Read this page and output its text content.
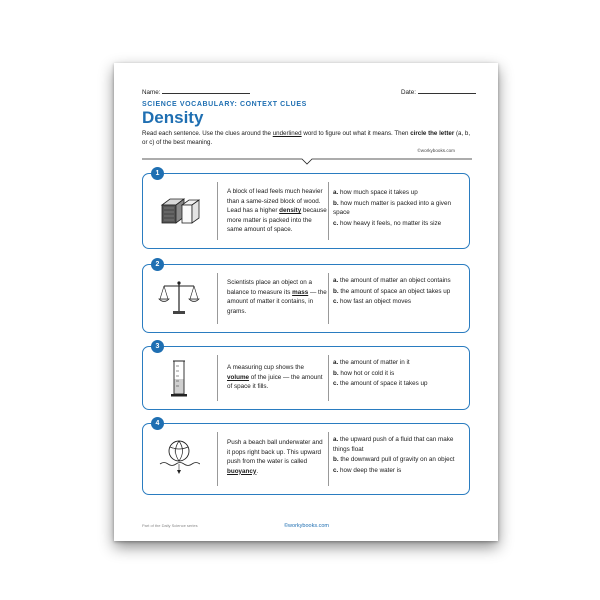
Name:	Date:
SCIENCE VOCABULARY: CONTEXT CLUES
Density
Read each sentence. Use the clues around the underlined word to figure out what it means. Then circle the letter (a, b, or c) of the best meaning.
©workybooks.com
1
A block of lead feels much heavier than a same-sized block of wood. Lead has a higher density because more matter is packed into the same amount of space.
a. how much space it takes up
b. how much matter is packed into a given space
c. how heavy it feels, no matter its size
2
Scientists place an object on a balance to measure its mass — the amount of matter it contains, in grams.
a. the amount of matter an object contains
b. the amount of space an object takes up
c. how fast an object moves
3
A measuring cup shows the volume of the juice — the amount of space it fills.
a. the amount of matter in it
b. how hot or cold it is
c. the amount of space it takes up
4
Push a beach ball underwater and it pops right back up. This upward push from the water is called buoyancy.
a. the upward push of a fluid that can make things float
b. the downward pull of gravity on an object
c. how deep the water is
Part of the Daily Science series	©workybooks.com
